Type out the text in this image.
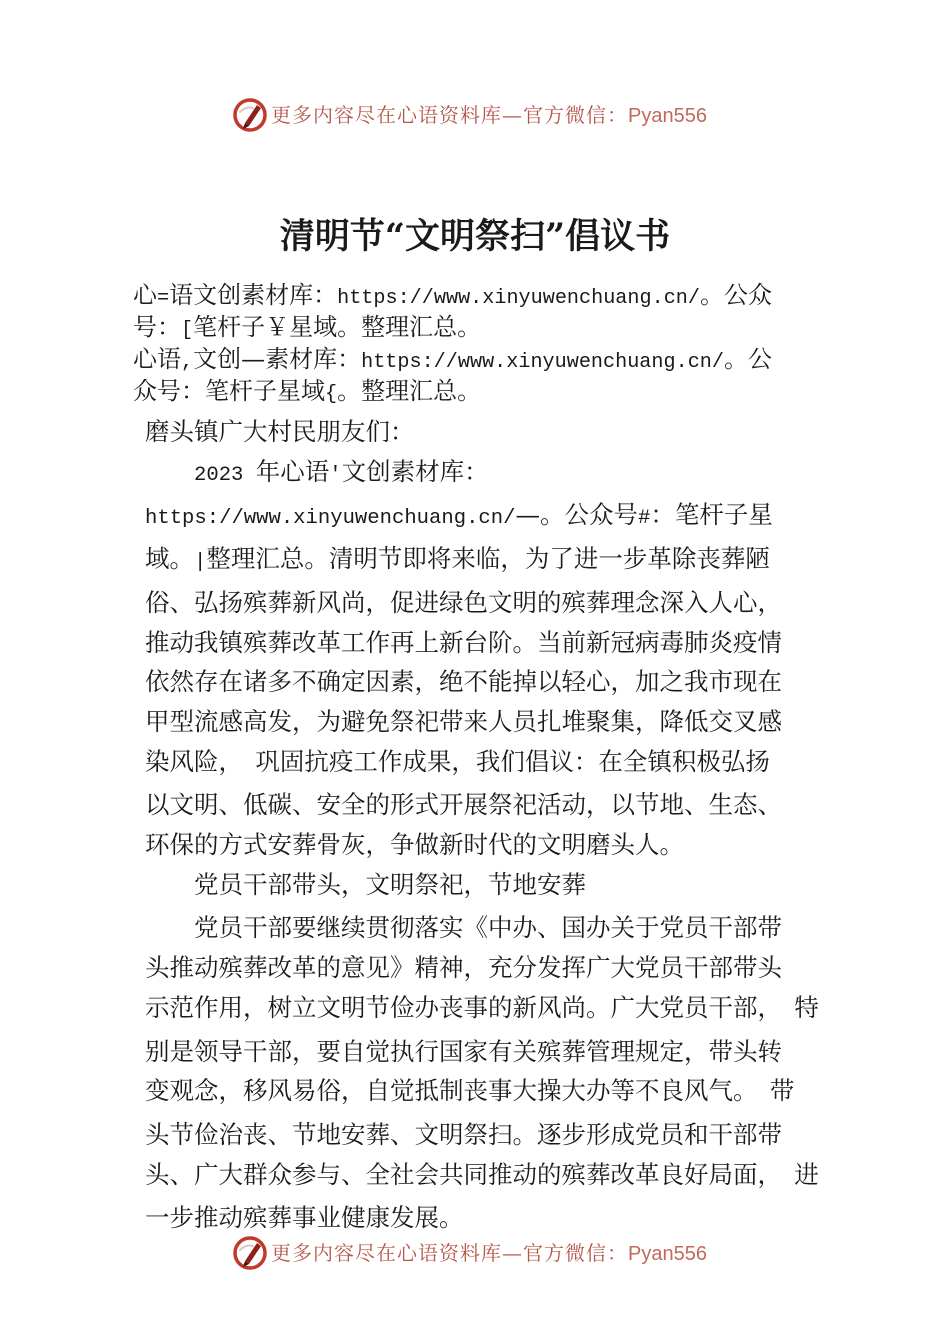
更多内容尽在心语资料库—官方微信：Pyan556
清明节“文明祭扫”倡议书
心=语文创素材库：https://www.xinyuwenchuang.cn/。公众
号：[笔杆子￥星域。整理汇总。
心语,文创—素材库：https://www.xinyuwenchuang.cn/。公
众号：笔杆子星域{。整理汇总。
磨头镇广大村民朋友们：
2023 年心语'文创素材库：
https://www.xinyuwenchuang.cn/—。公众号#：笔杆子星
域。|整理汇总。清明节即将来临，为了进一步革除丧葬陋
俗、弘扬殡葬新风尚，促进绿色文明的殡葬理念深入人心，
推动我镇殡葬改革工作再上新台阶。当前新冠病毒肺炎疫情
依然存在诸多不确定因素，绝不能掉以轻心，加之我市现在
甲型流感高发，为避免祭祀带来人员扎堆聚集，降低交叉感
染风险， 巩固抗疫工作成果，我们倡议：在全镇积极弘扬
以文明、低碳、安全的形式开展祭祀活动，以节地、生态、
环保的方式安葬骨灰，争做新时代的文明磨头人。
党员干部带头，文明祭祀，节地安葬
党员干部要继续贯彻落实《中办、国办关于党员干部带
头推动殡葬改革的意见》精神，充分发挥广大党员干部带头
示范作用，树立文明节俭办丧事的新风尚。广大党员干部， 特
别是领导干部，要自觉执行国家有关殡葬管理规定，带头转
变观念，移风易俗，自觉抵制丧事大操大办等不良风气。 带
头节俭治丧、节地安葬、文明祭扫。逐步形成党员和干部带
头、广大群众参与、全社会共同推动的殡葬改革良好局面， 进
一步推动殡葬事业健康发展。
更多内容尽在心语资料库—官方微信：Pyan556
